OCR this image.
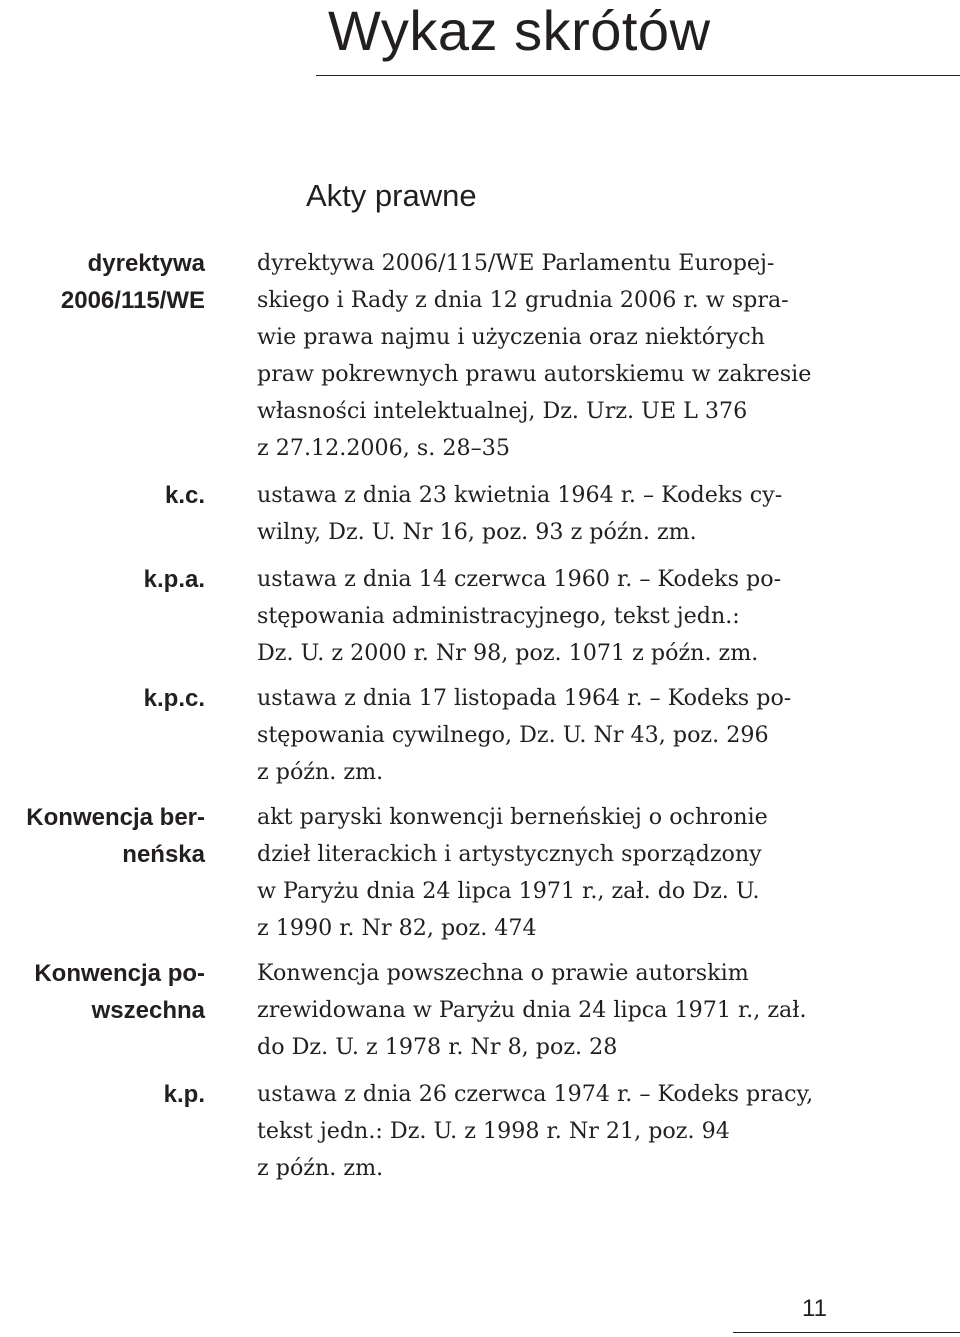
Wykaz skrótów
Akty prawne
dyrektywa
2006/115/WE
dyrektywa 2006/115/WE Parlamentu Europej-
skiego i Rady z dnia 12 grudnia 2006 r. w spra-
wie prawa najmu i użyczenia oraz niektórych
praw pokrewnych prawu autorskiemu w zakresie
własności intelektualnej, Dz. Urz. UE L 376
z 27.12.2006, s. 28–35
k.c. ustawa z dnia 23 kwietnia 1964 r. – Kodeks cy-
wilny, Dz. U. Nr 16, poz. 93 z późn. zm.
k.p.a. ustawa z dnia 14 czerwca 1960 r. – Kodeks po-
stępowania administracyjnego, tekst jedn.:
Dz. U. z 2000 r. Nr 98, poz. 1071 z późn. zm.
k.p.c. ustawa z dnia 17 listopada 1964 r. – Kodeks po-
stępowania cywilnego, Dz. U. Nr 43, poz. 296
z późn. zm.
Konwencja ber-
neńska
akt paryski konwencji berneńskiej o ochronie
dzieł literackich i artystycznych sporządzony
w Paryżu dnia 24 lipca 1971 r., zał. do Dz. U.
z 1990 r. Nr 82, poz. 474
Konwencja po-
wszechna
Konwencja powszechna o prawie autorskim
zrewidowana w Paryżu dnia 24 lipca 1971 r., zał.
do Dz. U. z 1978 r. Nr 8, poz. 28
k.p. ustawa z dnia 26 czerwca 1974 r. – Kodeks pracy,
tekst jedn.: Dz. U. z 1998 r. Nr 21, poz. 94
z późn. zm.
11
